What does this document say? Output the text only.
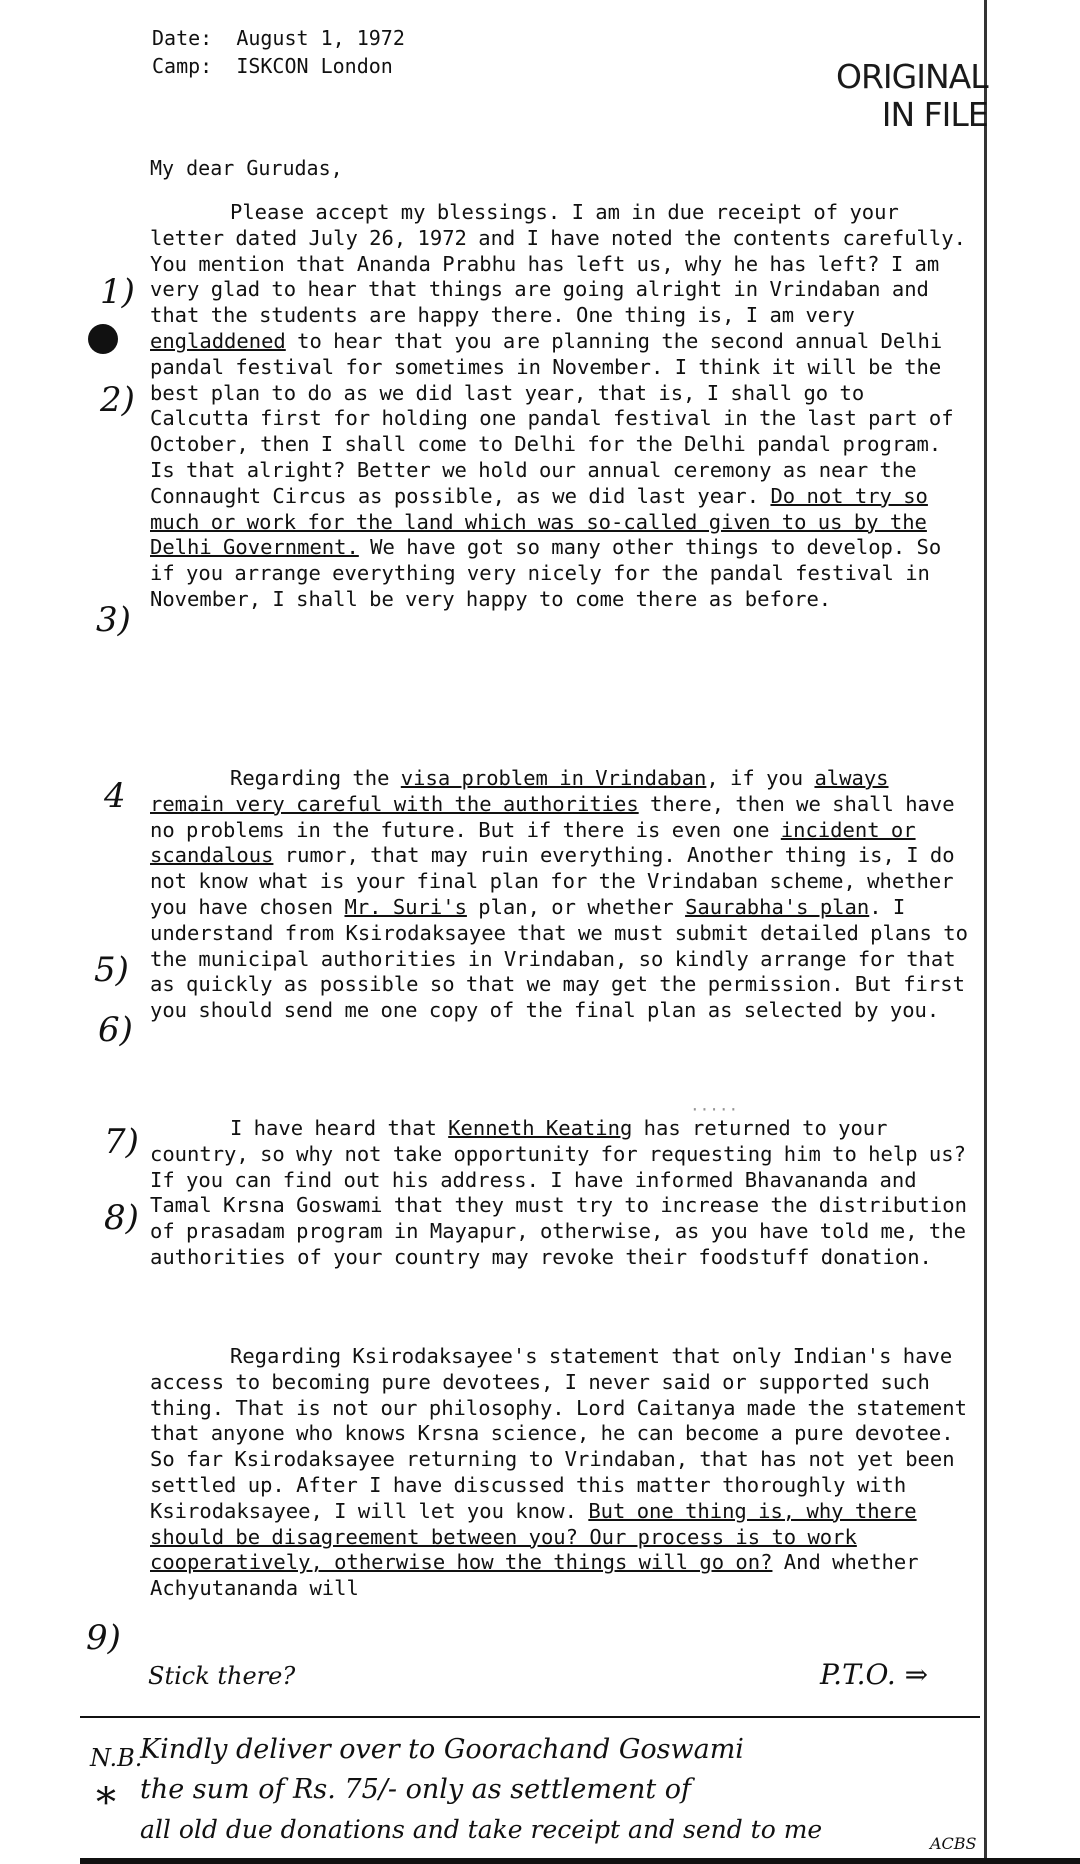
Date: August 1, 1972
Camp: ISKCON London	ORIGINAL
IN FILE
My dear Gurudas,
Please accept my blessings. I am in due receipt of your letter dated July 26, 1972 and I have noted the contents carefully. You mention that Ananda Prabhu has left us, why he has left? I am very glad to hear that things are going alright in Vrindaban and that the students are happy there. One thing is, I am very engladdened to hear that you are planning the second annual Delhi pandal festival for sometimes in November. I think it will be the best plan to do as we did last year, that is, I shall go to Calcutta first for holding one pandal festival in the last part of October, then I shall come to Delhi for the Delhi pandal program. Is that alright? Better we hold our annual ceremony as near the Connaught Circus as possible, as we did last year. Do not try so much or work for the land which was so-called given to us by the Delhi Government. We have got so many other things to develop. So if you arrange everything very nicely for the pandal festival in November, I shall be very happy to come there as before.
Regarding the visa problem in Vrindaban, if you always remain very careful with the authorities there, then we shall have no problems in the future. But if there is even one incident or scandalous rumor, that may ruin everything. Another thing is, I do not know what is your final plan for the Vrindaban scheme, whether you have chosen Mr. Suri's plan, or whether Saurabha's plan. I understand from Ksirodaksayee that we must submit detailed plans to the municipal authorities in Vrindaban, so kindly arrange for that as quickly as possible so that we may get the permission. But first you should send me one copy of the final plan as selected by you.
I have heard that Kenneth Keating has returned to your country, so why not take opportunity for requesting him to help us? If you can find out his address. I have informed Bhavananda and Tamal Krsna Goswami that they must try to increase the distribution of prasadam program in Mayapur, otherwise, as you have told me, the authorities of your country may revoke their foodstuff donation.
Regarding Ksirodaksayee's statement that only Indian's have access to becoming pure devotees, I never said or supported such thing. That is not our philosophy. Lord Caitanya made the statement that anyone who knows Krsna science, he can become a pure devotee. So far Ksirodaksayee returning to Vrindaban, that has not yet been settled up. After I have discussed this matter thoroughly with Ksirodaksayee, I will let you know. But one thing is, why there should be disagreement between you? Our process is to work cooperatively, otherwise how the things will go on? And whether Achyutananda will
1)
2)
3)
4
5)
6)
7)
8)
9)
Stick there?	P.T.O. ⇒
·····
N.B.
*
Kindly deliver over to Goorachand Goswami
the sum of Rs. 75/- only as settlement of
all old due donations and take receipt and send to me	ACBS
